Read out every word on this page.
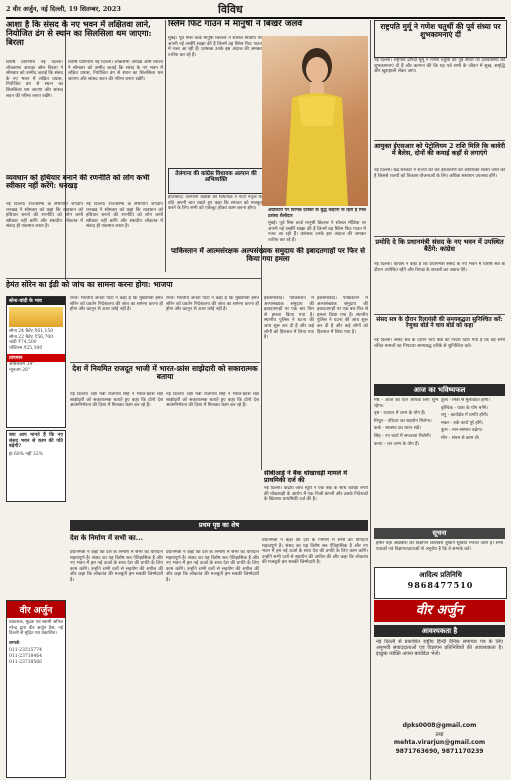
2 वीर अर्जुन, नई दिल्ली, 19 सितम्बर, 2023	विविध
आशा है कि संसद के नए भवन में लक्षितवा लाने, नियोजित ढंग से स्थान का सिलसिला थम जाएगा: बिरला
विशेष प्रतिनिधि नई दिल्ली। लोकसभा अध्यक्ष ओम बिरला ने सोमवार को उम्मीद जताई कि संसद के नए भवन में लक्षित प्रयास, नियोजित ढंग से स्थान का सिलसिला थम जाएगा और सांसद सदन की गरिमा बनाए रखेंगे।
विशेष प्रतिनिधि नई दिल्ली। लोकसभा अध्यक्ष ओम बिरला ने सोमवार को उम्मीद जताई कि संसद के नए भवन में लक्षित प्रयास, नियोजित ढंग से स्थान का सिलसिला थम जाएगा और सांसद सदन की गरिमा बनाए रखेंगे।
व्यवधान को हथियार बनाने की रणनीति को लोग कभी स्वीकार नहीं करेंगे: धनखड़
नई दिल्ली। राज्यसभा के सभापति जगदीप धनखड़ ने सोमवार को कहा कि व्यवधान को हथियार बनाने की रणनीति को लोग कभी स्वीकार नहीं करेंगे और संसदीय लोकतंत्र में संवाद ही एकमात्र रास्ता है।
नई दिल्ली। राज्यसभा के सभापति जगदीप धनखड़ ने सोमवार को कहा कि व्यवधान को हथियार बनाने की रणनीति को लोग कभी स्वीकार नहीं करेंगे और संसदीय लोकतंत्र में संवाद ही एकमात्र रास्ता है।
तेलंगाना की कांग्रेस विधायक अल्पान की अभिव्यक्ति
हैदराबाद। तेलंगाना कांग्रेस की विधायक ने पार्टी नेतृत्व के प्रति अपनी बात रखते हुए कहा कि संगठन को मजबूत करने के लिए सभी को एकजुट होकर काम करना होगा।
स्लिम फिट गाउन में मानुषी ने बिखेरे जलवे
मुंबई। पूर्व मिस वर्ल्ड मानुषी छिल्लर ने सोशल मीडिया पर अपनी नई तस्वीरें साझा की हैं जिनमें वह स्लिम फिट गाउन में नजर आ रही हैं। प्रशंसक उनके इस अंदाज की जमकर तारीफ कर रहे हैं।
अदाकारी पर विभिन्न दर्शकों के बुद्ध कहानी के हिसे है मिल प्रशंसा शैलीदार
मुंबई। पूर्व मिस वर्ल्ड मानुषी छिल्लर ने सोशल मीडिया पर अपनी नई तस्वीरें साझा की हैं जिनमें वह स्लिम फिट गाउन में नजर आ रही हैं। प्रशंसक उनके इस अंदाज की जमकर तारीफ कर रहे हैं।
हेमंत सोरेन का ईडी को जांच का सामना करना होगा: भाजपा
रांची। भारतीय जनता पार्टी ने कहा है कि मुख्यमंत्री हेमंत सोरेन को प्रवर्तन निदेशालय की जांच का सामना करना ही होगा और कानून से ऊपर कोई नहीं है।
रांची। भारतीय जनता पार्टी ने कहा है कि मुख्यमंत्री हेमंत सोरेन को प्रवर्तन निदेशालय की जांच का सामना करना ही होगा और कानून से ऊपर कोई नहीं है।
पाकिस्तान में आत्मसंरक्षक अल्पसंख्यक समुदाय की इबादतगाहों पर फिर से किया गया हमला
इस्लामाबाद। पाकिस्तान में अल्पसंख्यक समुदाय की इबादतगाहों पर एक बार फिर से हमला किया गया है। स्थानीय पुलिस ने घटना की जांच शुरू कर दी है और कई लोगों को हिरासत में लिया गया है।
इस्लामाबाद। पाकिस्तान में अल्पसंख्यक समुदाय की इबादतगाहों पर एक बार फिर से हमला किया गया है। स्थानीय पुलिस ने घटना की जांच शुरू कर दी है और कई लोगों को हिरासत में लिया गया है।
सोना-चांदी के भाव
सोना 24 कैरेट ₹61,150
सोना 22 कैरेट ₹56,700
चांदी ₹74,500
प्लैटिनम ₹25,300
तापमान
अधिकतम 34°
न्यूनतम 26°
क्या आप मानते हैं कि नए संसद भवन से काम की गति बढ़ेगी?
हां 68% नहीं 32%
वीर अर्जुन
प्रकाशक, मुद्रक एवं स्वामी अनिल नरेन्द्र द्वारा वीर अर्जुन प्रेस, नई दिल्ली से मुद्रित एवं प्रकाशित।
सम्पर्क
011-23315774
011-23718464
011-23718566
देश में नियमित राजदूत भाजी में भारत-फ्रांस साझेदारी को सकारात्मक बताया
नई दिल्ली। रक्षा मंत्री राजनाथ सिंह ने भारत-फ्रांस रक्षा साझेदारी को सकारात्मक बताते हुए कहा कि दोनों देश आत्मनिर्भरता की दिशा में मिलकर काम कर रहे हैं।
नई दिल्ली। रक्षा मंत्री राजनाथ सिंह ने भारत-फ्रांस रक्षा साझेदारी को सकारात्मक बताते हुए कहा कि दोनों देश आत्मनिर्भरता की दिशा में मिलकर काम कर रहे हैं।
सीबीआई ने बैंक धोखाधड़ी मामले में प्राथमिकी दर्ज की
नई दिल्ली। केंद्रीय जांच ब्यूरो ने एक बैंक के साथ करोड़ों रुपये की धोखाधड़ी के आरोप में एक निजी कंपनी और उसके निदेशकों के खिलाफ प्राथमिकी दर्ज की है।
प्रथम पृष्ठ का शेष
देश के निर्माण में सभी का...
प्रधानमंत्री ने कहा कि देश के निर्माण में सभी का योगदान महत्वपूर्ण है। संसद का यह विशेष सत्र ऐतिहासिक है और नए भवन में हम नई ऊर्जा के साथ देश की प्रगति के लिए काम करेंगे। उन्होंने सभी दलों से सहयोग की अपील की और कहा कि लोकतंत्र की मजबूती हम सबकी जिम्मेदारी है।
प्रधानमंत्री ने कहा कि देश के निर्माण में सभी का योगदान महत्वपूर्ण है। संसद का यह विशेष सत्र ऐतिहासिक है और नए भवन में हम नई ऊर्जा के साथ देश की प्रगति के लिए काम करेंगे। उन्होंने सभी दलों से सहयोग की अपील की और कहा कि लोकतंत्र की मजबूती हम सबकी जिम्मेदारी है।
प्रधानमंत्री ने कहा कि देश के निर्माण में सभी का योगदान महत्वपूर्ण है। संसद का यह विशेष सत्र ऐतिहासिक है और नए भवन में हम नई ऊर्जा के साथ देश की प्रगति के लिए काम करेंगे। उन्होंने सभी दलों से सहयोग की अपील की और कहा कि लोकतंत्र की मजबूती हम सबकी जिम्मेदारी है।
राष्ट्रपति मुर्मू ने गणेश चतुर्थी की पूर्व संध्या पर शुभकामनाएं दीं
नई दिल्ली। राष्ट्रपति द्रौपदी मुर्मू ने गणेश चतुर्थी की पूर्व संध्या पर देशवासियों को शुभकामनाएं दी हैं और कामना की कि यह पर्व सभी के जीवन में सुख, समृद्धि और खुशहाली लेकर आए।
आयुक्त ईएसआर को पेट्रोलियम 2 राशि मिलि कि कावेरी में बैलेस, दोनों की कमाई कहाँ से लगाएंगे
नई दिल्ली। केंद्र सरकार ने राज्यों को कर हस्तांतरण की अतिरिक्त किस्त जारी की है जिससे राज्यों को विकास योजनाओं के लिए अधिक संसाधन उपलब्ध होंगे।
प्रमोदि दे कि प्रधानमंत्री संसद के नए भवन में उपस्थित बैठेंगे: कांग्रेस
नई दिल्ली। कांग्रेस ने कहा है कि प्रधानमंत्री संसद के नए भवन में विशेष सत्र के दौरान उपस्थित रहेंगे और विपक्ष के सवालों का जवाब देंगे।
संसद सत्र के दौरान रिलायंसी की समयबद्धता सुनिश्चित करें: रेणुका बोर्ड ने चाय बोर्ड को कहा
नई दिल्ली। संसद सत्र के दौरान चाय बोर्ड को निर्देश दिया गया है कि वह सभी लंबित मामलों का निपटारा समयबद्ध तरीके से सुनिश्चित करे।
आज का भविष्यफल
मेष - आज का दिन आपके लिए शुभ रहेगा।
वृष - व्यापार में लाभ के योग हैं।
मिथुन - परिवार का सहयोग मिलेगा।
कर्क - स्वास्थ्य का ध्यान रखें।
सिंह - नए कार्य में सफलता मिलेगी।
कन्या - धन लाभ के योग हैं।
तुला - मित्रों से मुलाकात होगी।
वृश्चिक - यात्रा के योग बनेंगे।
धनु - कार्यक्षेत्र में प्रगति होगी।
मकर - रुके कार्य पूरे होंगे।
कुंभ - मान-सम्मान बढ़ेगा।
मीन - संयम से काम लें।
सूचना
हमारे यहां अखबारों की विज्ञापन डिलिवरी बुकिंग सुविधा निरंतर जारी है। सभी पाठकों एवं विज्ञापनदाताओं से अनुरोध है कि वे सम्पर्क करें।
आदित्य प्रतिनिधि
9868477510
वीर अर्जुन
आवश्यकता है
नई दिल्ली से प्रकाशित राष्ट्रीय हिन्दी दैनिक समाचार पत्र के लिए अनुभवी संवाददाताओं एवं विज्ञापन प्रतिनिधियों की आवश्यकता है। इच्छुक व्यक्ति अपना बायोडेटा भेजें।
dpks0008@gmail.com
तथा
mehta.virarjun@gmail.com
9871763690, 9871170239
